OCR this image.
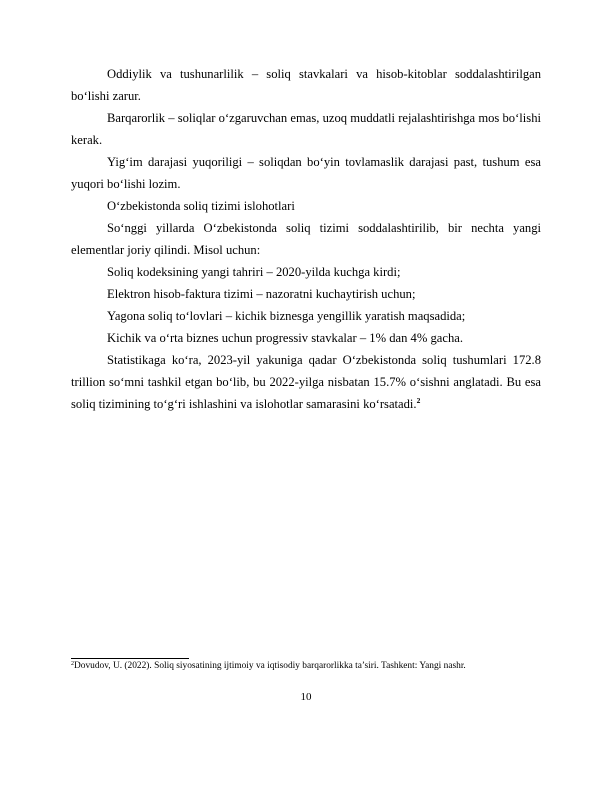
Oddiylik va tushunarlilik – soliq stavkalari va hisob-kitoblar soddalashtirilgan bo‘lishi zarur.

Barqarorlik – soliqlar o‘zgaruvchan emas, uzoq muddatli rejalashtirishga mos bo‘lishi kerak.

Yig‘im darajasi yuqoriligi – soliqdan bo‘yin tovlamaslik darajasi past, tushum esa yuqori bo‘lishi lozim.

O‘zbekistonda soliq tizimi islohotlari

So‘nggi yillarda O‘zbekistonda soliq tizimi soddalashtirilib, bir nechta yangi elementlar joriy qilindi. Misol uchun:

Soliq kodeksining yangi tahriri – 2020-yilda kuchga kirdi;

Elektron hisob-faktura tizimi – nazoratni kuchaytirish uchun;

Yagona soliq to‘lovlari – kichik biznesga yengillik yaratish maqsadida;

Kichik va o‘rta biznes uchun progressiv stavkalar – 1% dan 4% gacha.

Statistikaga ko‘ra, 2023-yil yakuniga qadar O‘zbekistonda soliq tushumlari 172.8 trillion so‘mni tashkil etgan bo‘lib, bu 2022-yilga nisbatan 15.7% o‘sishni anglatadi. Bu esa soliq tizimining to‘g‘ri ishlashini va islohotlar samarasini ko‘rsatadi.$^2$

$^2$Dovudov, U. (2022). Soliq siyosatining ijtimoiy va iqtisodiy barqarorlikka ta’siri. Tashkent: Yangi nashr.
10
